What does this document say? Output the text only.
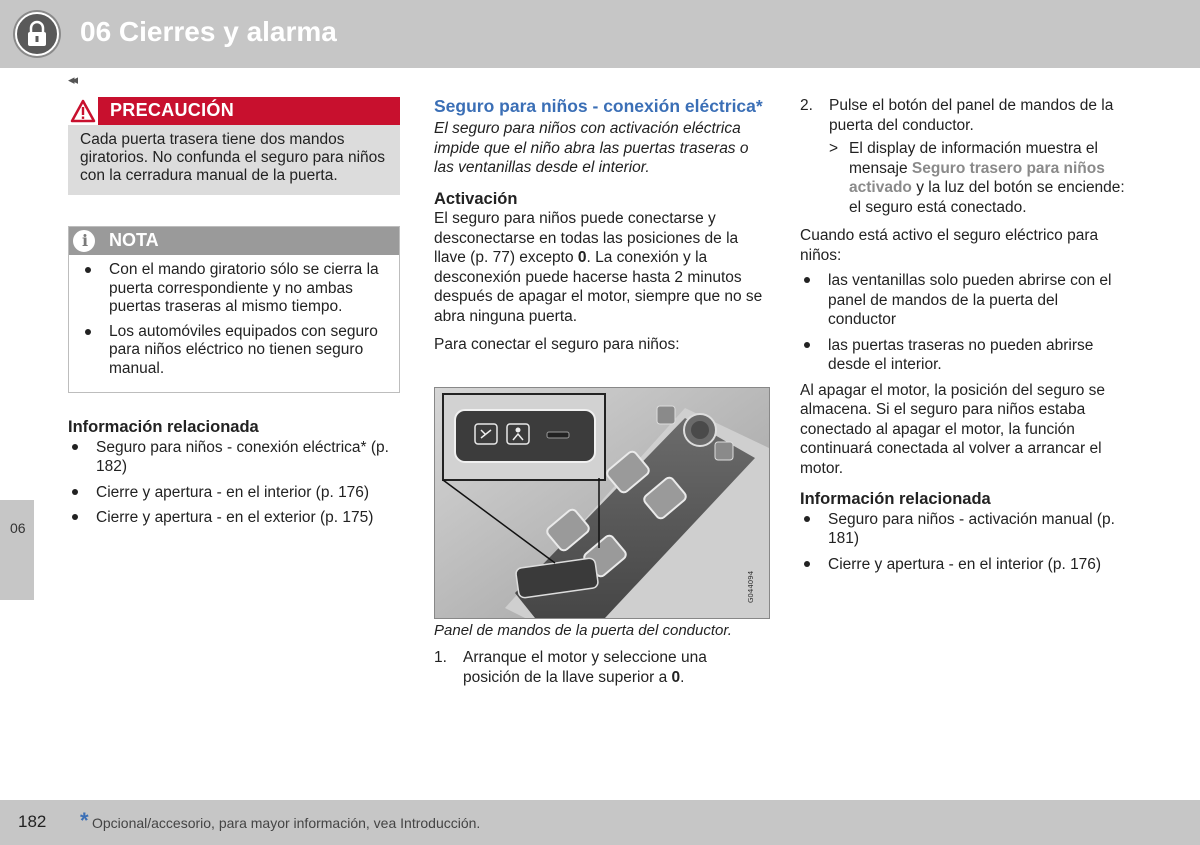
06 Cierres y alarma
◂◂
06
PRECAUCIÓN
Cada puerta trasera tiene dos mandos giratorios. No confunda el seguro para niños con la cerradura manual de la puerta.
i NOTA
Con el mando giratorio sólo se cierra la puerta correspondiente y no ambas puertas traseras al mismo tiempo.
Los automóviles equipados con seguro para niños eléctrico no tienen seguro manual.
Información relacionada
Seguro para niños - conexión eléctrica* (p. 182)
Cierre y apertura - en el interior (p. 176)
Cierre y apertura - en el exterior (p. 175)
Seguro para niños - conexión eléctrica*

El seguro para niños con activación eléctrica impide que el niño abra las puertas traseras o las ventanillas desde el interior.

Activación

El seguro para niños puede conectarse y desconectarse en todas las posiciones de la llave (p. 77) excepto 0. La conexión y la desconexión puede hacerse hasta 2 minutos después de apagar el motor, siempre que no se abra ninguna puerta.

Para conectar el seguro para niños:

G044094
Panel de mandos de la puerta del conductor.
1. Arranque el motor y seleccione una posición de la llave superior a 0.

2. Pulse el botón del panel de mandos de la puerta del conductor.

> El display de información muestra el mensaje Seguro trasero para niños activado y la luz del botón se enciende: el seguro está conectado.

Cuando está activo el seguro eléctrico para niños:

las ventanillas solo pueden abrirse con el panel de mandos de la puerta del conductor
las puertas traseras no pueden abrirse desde el interior.

Al apagar el motor, la posición del seguro se almacena. Si el seguro para niños estaba conectado al apagar el motor, la función continuará conectada al volver a arrancar el motor.

Información relacionada
Seguro para niños - activación manual (p. 181)
Cierre y apertura - en el interior (p. 176)
182 * Opcional/accesorio, para mayor información, vea Introducción.
